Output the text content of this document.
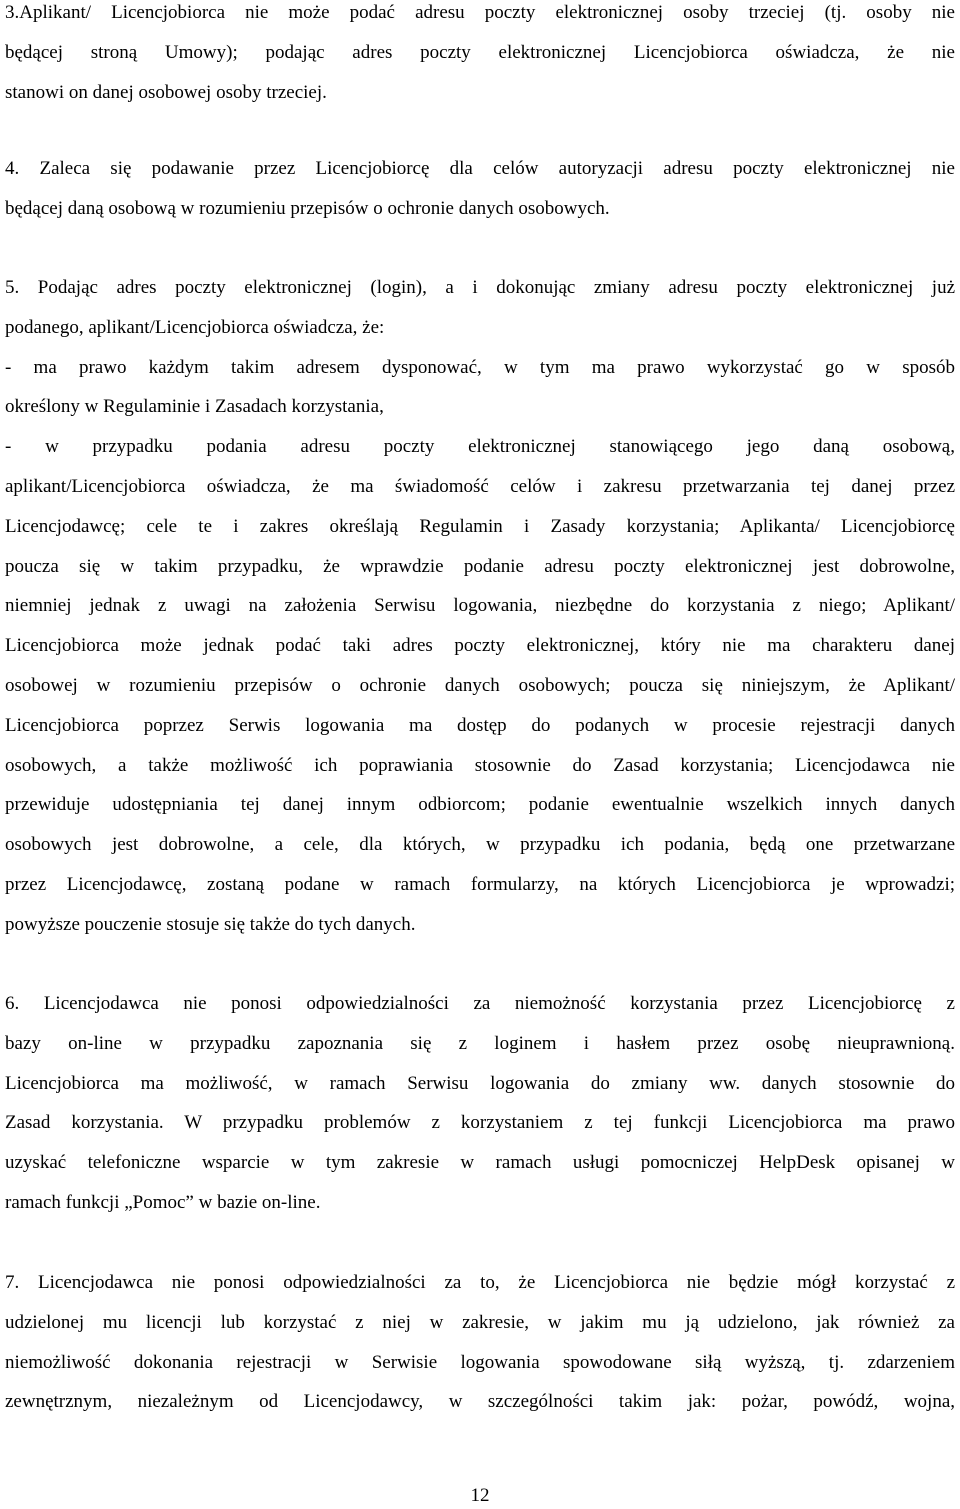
3.Aplikant/ Licencjobiorca nie może podać adresu poczty elektronicznej osoby trzeciej (tj. osoby nie
będącej stroną Umowy); podając adres poczty elektronicznej Licencjobiorca oświadcza, że nie
stanowi on danej osobowej osoby trzeciej.
4. Zaleca się podawanie przez Licencjobiorcę dla celów autoryzacji adresu poczty elektronicznej nie
będącej daną osobową w rozumieniu przepisów o ochronie danych osobowych.
5. Podając adres poczty elektronicznej (login), a i dokonując zmiany adresu poczty elektronicznej już
podanego, aplikant/Licencjobiorca oświadcza, że:
- ma prawo każdym takim adresem dysponować, w tym ma prawo wykorzystać go w sposób
określony w Regulaminie i Zasadach korzystania,
- w przypadku podania adresu poczty elektronicznej stanowiącego jego daną osobową,
aplikant/Licencjobiorca oświadcza, że ma świadomość celów i zakresu przetwarzania tej danej przez
Licencjodawcę; cele te i zakres określają Regulamin i Zasady korzystania; Aplikanta/ Licencjobiorcę
poucza się w takim przypadku, że wprawdzie podanie adresu poczty elektronicznej jest dobrowolne,
niemniej jednak z uwagi na założenia Serwisu logowania, niezbędne do korzystania z niego; Aplikant/
Licencjobiorca może jednak podać taki adres poczty elektronicznej, który nie ma charakteru danej
osobowej w rozumieniu przepisów o ochronie danych osobowych; poucza się niniejszym, że Aplikant/
Licencjobiorca poprzez Serwis logowania ma dostęp do podanych w procesie rejestracji danych
osobowych, a także możliwość ich poprawiania stosownie do Zasad korzystania; Licencjodawca nie
przewiduje udostępniania tej danej innym odbiorcom; podanie ewentualnie wszelkich innych danych
osobowych jest dobrowolne, a cele, dla których, w przypadku ich podania, będą one przetwarzane
przez Licencjodawcę, zostaną podane w ramach formularzy, na których Licencjobiorca je wprowadzi;
powyższe pouczenie stosuje się także do tych danych.
6. Licencjodawca nie ponosi odpowiedzialności za niemożność korzystania przez Licencjobiorcę z
bazy on-line w przypadku zapoznania się z loginem i hasłem przez osobę nieuprawnioną.
Licencjobiorca ma możliwość, w ramach Serwisu logowania do zmiany ww. danych stosownie do
Zasad korzystania. W przypadku problemów z korzystaniem z tej funkcji Licencjobiorca ma prawo
uzyskać telefoniczne wsparcie w tym zakresie w ramach usługi pomocniczej HelpDesk opisanej w
ramach funkcji „Pomoc” w bazie on-line.
7. Licencjodawca nie ponosi odpowiedzialności za to, że Licencjobiorca nie będzie mógł korzystać z
udzielonej mu licencji lub korzystać z niej w zakresie, w jakim mu ją udzielono, jak również za
niemożliwość dokonania rejestracji w Serwisie logowania spowodowane siłą wyższą, tj. zdarzeniem
zewnętrznym, niezależnym od Licencjodawcy, w szczególności takim jak: pożar, powódź, wojna,
12
